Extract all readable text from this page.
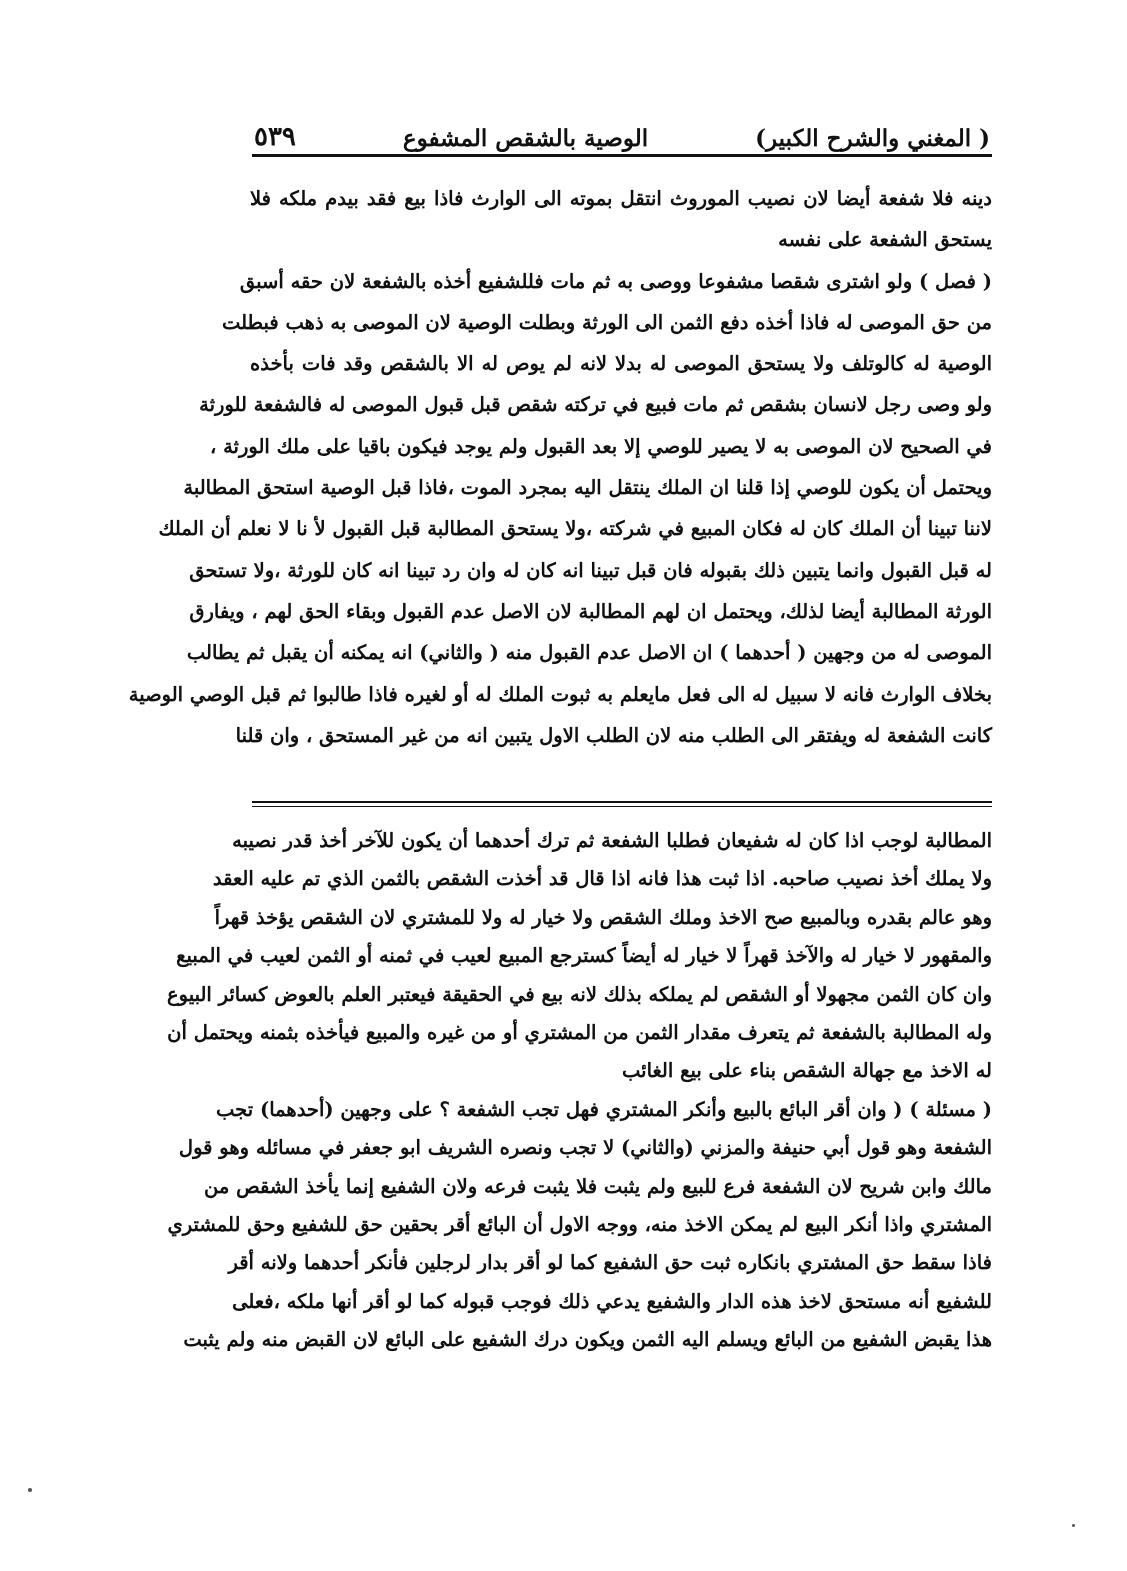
( المغني والشرح الكبير)
الوصية بالشقص المشفوع
٥٣٩
دينه فلا شفعة أيضا لان نصيب الموروث انتقل بموته الى الوارث فاذا بيع فقد بيدم ملكه فلا
يستحق الشفعة على نفسه
( فصل ) ولو اشترى شقصا مشفوعا ووصى به ثم مات فللشفيع أخذه بالشفعة لان حقه أسبق
من حق الموصى له فاذا أخذه دفع الثمن الى الورثة وبطلت الوصية لان الموصى به ذهب فبطلت
الوصية له كالوتلف ولا يستحق الموصى له بدلا لانه لم يوص له الا بالشقص وقد فات بأخذه
ولو وصى رجل لانسان بشقص ثم مات فبيع في تركته شقص قبل قبول الموصى له فالشفعة للورثة
في الصحيح لان الموصى به لا يصير للوصي إلا بعد القبول ولم يوجد فيكون باقيا على ملك الورثة ،
ويحتمل أن يكون للوصي إذا قلنا ان الملك ينتقل اليه بمجرد الموت ،فاذا قبل الوصية استحق المطالبة
لاننا تبينا أن الملك كان له فكان المبيع في شركته ،ولا يستحق المطالبة قبل القبول لأ نا لا نعلم أن الملك
له قبل القبول وانما يتبين ذلك بقبوله فان قبل تبينا انه كان له وان رد تبينا انه كان للورثة ،ولا تستحق
الورثة المطالبة أيضا لذلك، ويحتمل ان لهم المطالبة لان الاصل عدم القبول وبقاء الحق لهم ، ويفارق
الموصى له من وجهين ( أحدهما ) ان الاصل عدم القبول منه ( والثاني) انه يمكنه أن يقبل ثم يطالب
بخلاف الوارث فانه لا سبيل له الى فعل مايعلم به ثبوت الملك له أو لغيره فاذا طالبوا ثم قبل الوصي الوصية
كانت الشفعة له ويفتقر الى الطلب منه لان الطلب الاول يتبين انه من غير المستحق ، وان قلنا
المطالبة لوجب اذا كان له شفيعان فطلبا الشفعة ثم ترك أحدهما أن يكون للآخر أخذ قدر نصيبه
ولا يملك أخذ نصيب صاحبه. اذا ثبت هذا فانه اذا قال قد أخذت الشقص بالثمن الذي تم عليه العقد
وهو عالم بقدره وبالمبيع صح الاخذ وملك الشقص ولا خيار له ولا للمشتري لان الشقص يؤخذ قهراً
والمقهور لا خيار له والآخذ قهراً لا خيار له أيضاً كسترجع المبيع لعيب في ثمنه أو الثمن لعيب في المبيع
وان كان الثمن مجهولا أو الشقص لم يملكه بذلك لانه بيع في الحقيقة فيعتبر العلم بالعوض كسائر البيوع
وله المطالبة بالشفعة ثم يتعرف مقدار الثمن من المشتري أو من غيره والمبيع فيأخذه بثمنه ويحتمل أن
له الاخذ مع جهالة الشقص بناء على بيع الغائب
( مسئلة ) ( وان أقر البائع بالبيع وأنكر المشتري فهل تجب الشفعة ؟ على وجهين (أحدهما) تجب
الشفعة وهو قول أبي حنيفة والمزني (والثاني) لا تجب ونصره الشريف ابو جعفر في مسائله وهو قول
مالك وابن شريح لان الشفعة فرع للبيع ولم يثبت فلا يثبت فرعه ولان الشفيع إنما يأخذ الشقص من
المشتري واذا أنكر البيع لم يمكن الاخذ منه، ووجه الاول أن البائع أقر بحقين حق للشفيع وحق للمشتري
فاذا سقط حق المشتري بانكاره ثبت حق الشفيع كما لو أقر بدار لرجلين فأنكر أحدهما ولانه أقر
للشفيع أنه مستحق لاخذ هذه الدار والشفيع يدعي ذلك فوجب قبوله كما لو أقر أنها ملكه ،فعلى
هذا يقبض الشفيع من البائع ويسلم اليه الثمن ويكون درك الشفيع على البائع لان القبض منه ولم يثبت
